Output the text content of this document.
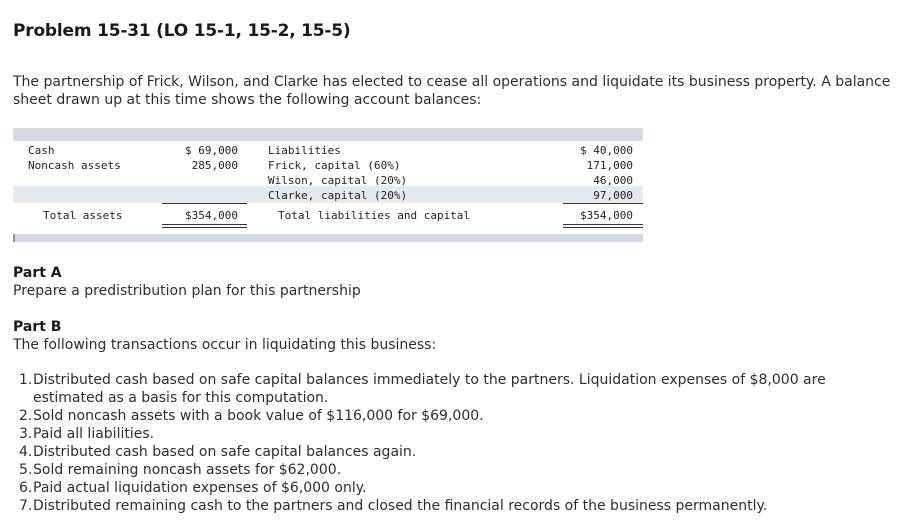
Problem 15-31 (LO 15-1, 15-2, 15-5)

The partnership of Frick, Wilson, and Clarke has elected to cease all operations and liquidate its business property. A balance sheet drawn up at this time shows the following account balances:

Cash
Noncash assets
Total assets
$ 69,000
285,000
$354,000
Liabilities
Frick, capital (60%)
Wilson, capital (20%)
Clarke, capital (20%)
Total liabilities and capital
$ 40,000
171,000
46,000
97,000
$354,000
Part A

Prepare a predistribution plan for this partnership

Part B

The following transactions occur in liquidating this business:

1. Distributed cash based on safe capital balances immediately to the partners. Liquidation expenses of $8,000 are estimated as a basis for this computation.
2. Sold noncash assets with a book value of $116,000 for $69,000.
3. Paid all liabilities.
4. Distributed cash based on safe capital balances again.
5. Sold remaining noncash assets for $62,000.
6. Paid actual liquidation expenses of $6,000 only.
7. Distributed remaining cash to the partners and closed the financial records of the business permanently.
